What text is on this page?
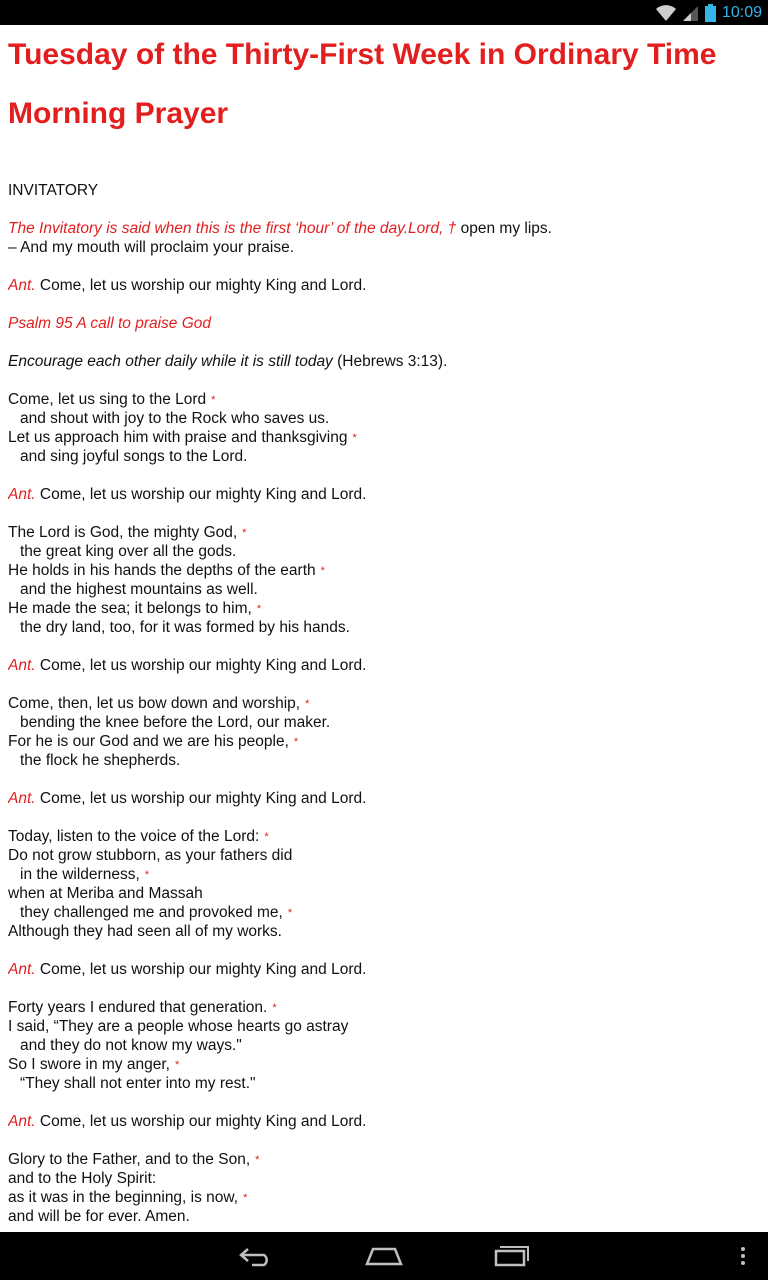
10:09
Tuesday of the Thirty-First Week in Ordinary Time
Morning Prayer
INVITATORY
The Invitatory is said when this is the first ‘hour’ of the day.Lord, † open my lips.
– And my mouth will proclaim your praise.
Ant. Come, let us worship our mighty King and Lord.
Psalm 95 A call to praise God
Encourage each other daily while it is still today (Hebrews 3:13).
Come, let us sing to the Lord *
and shout with joy to the Rock who saves us.
Let us approach him with praise and thanksgiving *
and sing joyful songs to the Lord.
Ant. Come, let us worship our mighty King and Lord.
The Lord is God, the mighty God, *
the great king over all the gods.
He holds in his hands the depths of the earth *
and the highest mountains as well.
He made the sea; it belongs to him, *
the dry land, too, for it was formed by his hands.
Ant. Come, let us worship our mighty King and Lord.
Come, then, let us bow down and worship, *
bending the knee before the Lord, our maker.
For he is our God and we are his people, *
the flock he shepherds.
Ant. Come, let us worship our mighty King and Lord.
Today, listen to the voice of the Lord: *
Do not grow stubborn, as your fathers did
in the wilderness, *
when at Meriba and Massah
they challenged me and provoked me, *
Although they had seen all of my works.
Ant. Come, let us worship our mighty King and Lord.
Forty years I endured that generation. *
I said, “They are a people whose hearts go astray
and they do not know my ways."
So I swore in my anger, *
“They shall not enter into my rest."
Ant. Come, let us worship our mighty King and Lord.
Glory to the Father, and to the Son, *
and to the Holy Spirit:
as it was in the beginning, is now, *
and will be for ever. Amen.
